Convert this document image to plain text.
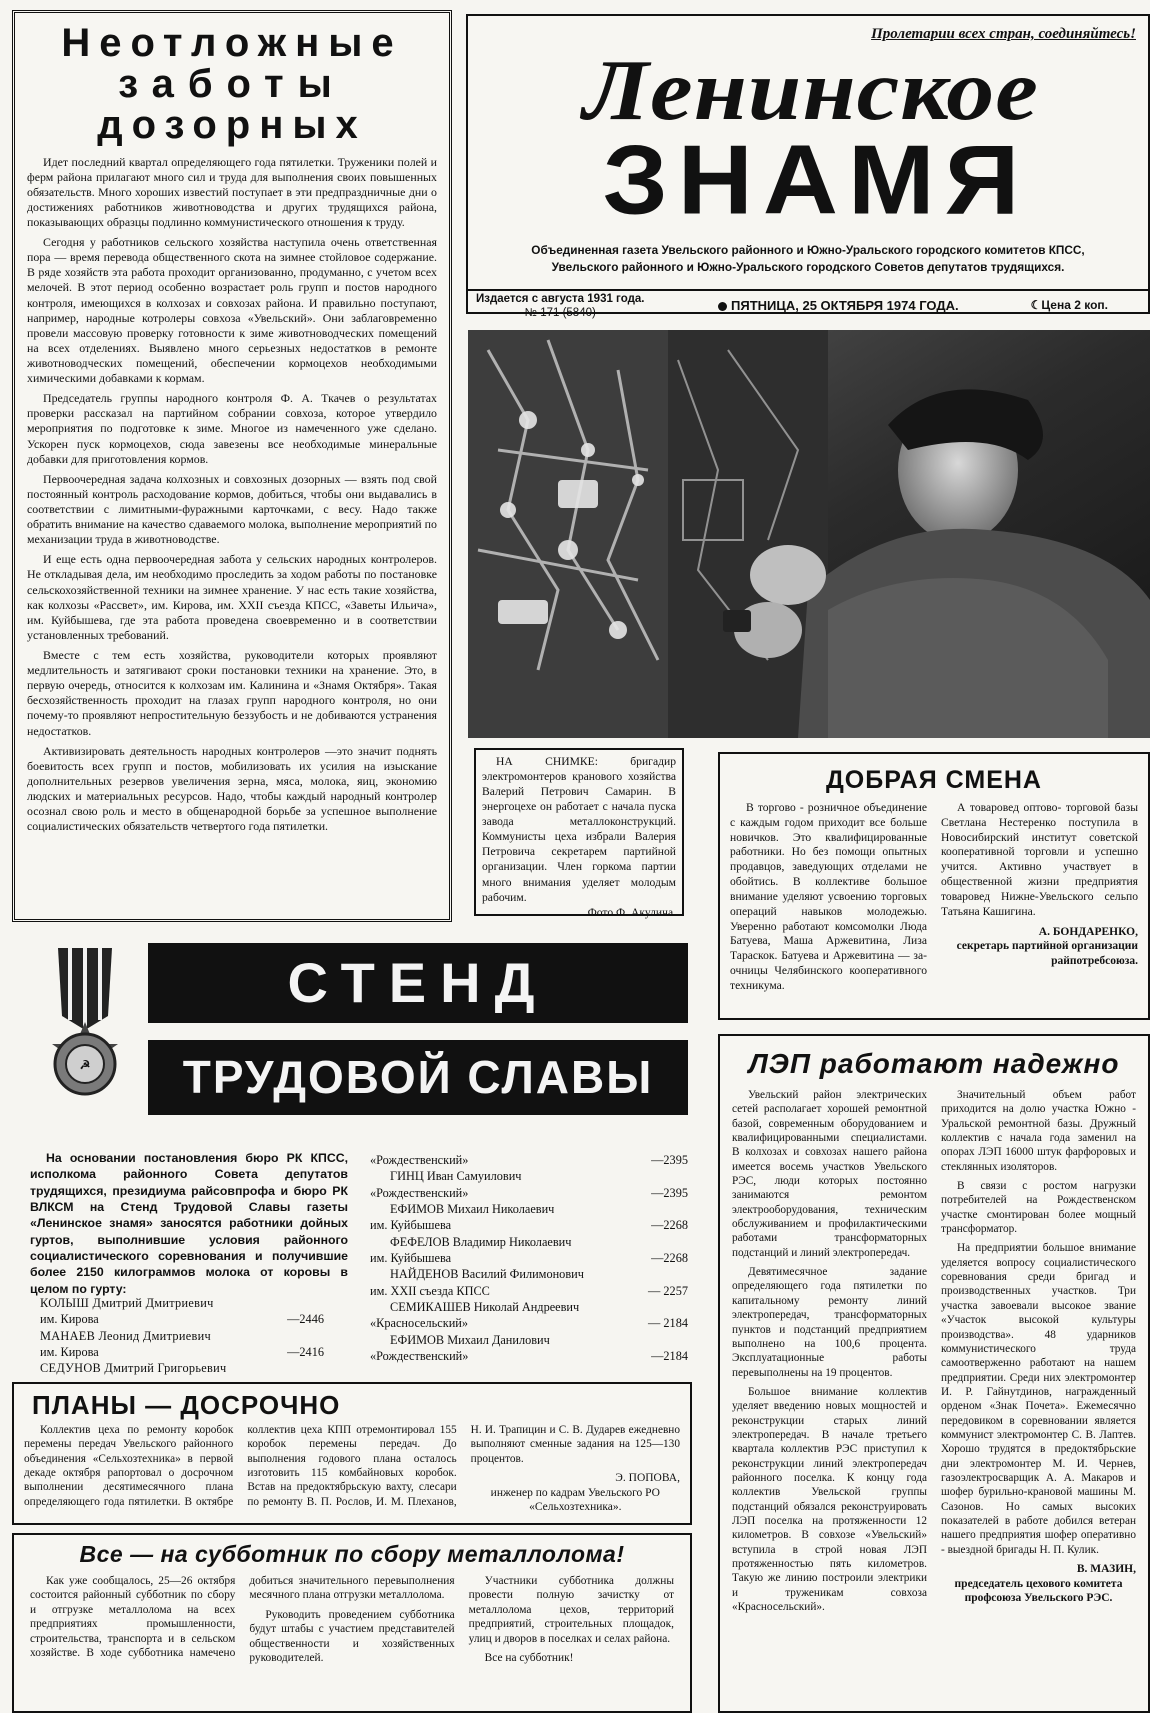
Неотложные
заботы
дозорных

Идет последний квартал определяющего года пятилетки. Труженики полей и ферм района прилагают много сил и труда для выполнения своих повышенных обязательств. Много хороших известий поступает в эти предпраздничные дни о достижениях работников животноводства и других трудящихся района, показывающих образцы подлинно коммунистического отношения к труду.

Сегодня у работников сельского хозяйства наступила очень ответственная пора — время перевода общественного скота на зимнее стойловое содержание. В ряде хозяйств эта работа проходит организованно, продуманно, с учетом всех мелочей. В этот период особенно возрастает роль групп и постов народного контроля, имеющихся в колхозах и совхозах района. И правильно поступают, например, народные котролеры совхоза «Увельский». Они заблаговременно провели массовую проверку готовности к зиме животноводческих помещений на всех отделениях. Выявлено много серьезных недостатков в ремонте животноводческих помещений, обеспечении кормоцехов необходимыми химическими добавками к кормам.

Председатель группы народного контроля Ф. А. Ткачев о результатах проверки рассказал на партийном собрании совхоза, которое утвердило мероприятия по подготовке к зиме. Многое из намеченного уже сделано. Ускорен пуск кормоцехов, сюда завезены все необходимые минеральные добавки для приготовления кормов.

Первоочередная задача колхозных и совхозных дозорных — взять под свой постоянный контроль расходование кормов, добиться, чтобы они выдавались в соответствии с лимитными-фуражными карточками, с весу. Надо также обратить внимание на качество сдаваемого молока, выполнение мероприятий по механизации труда в животноводстве.

И еще есть одна первоочередная забота у сельских народных контролеров. Не откладывая дела, им необходимо проследить за ходом работы по постановке сельскохозяйственной техники на зимнее хранение. У нас есть такие хозяйства, как колхозы «Рассвет», им. Кирова, им. XXII съезда КПСС, «Заветы Ильича», им. Куйбышева, где эта работа проведена своевременно и в соответствии установленных требований.

Вместе с тем есть хозяйства, руководители которых проявляют медлительность и затягивают сроки постановки техники на хранение. Это, в первую очередь, относится к колхозам им. Калинина и «Знамя Октября». Такая бесхозяйственность проходит на глазах групп народного контроля, но они почему-то проявляют непростительную беззубость и не добиваются устранения недостатков.

Активизировать деятельность народных контролеров —это значит поднять боевитость всех групп и постов, мобилизовать их усилия на изыскание дополнительных резервов увеличения зерна, мяса, молока, яиц, экономию людских и материальных ресурсов. Надо, чтобы каждый народный контролер осознал свою роль и место в общенародной борьбе за успешное выполнение социалистических обязательств четвертого года пятилетки.

Пролетарии всех стран, соединяйтесь!
Ленинское
ЗНАМЯ
Объединенная газета Увельского районного и Южно-Уральского городского комитетов КПСС,
Увельского районного и Южно-Уральского городского Советов депутатов трудящихся.
Издается с августа 1931 года.
№ 171 (5840)	ПЯТНИЦА, 25 ОКТЯБРЯ 1974 ГОДА.	☾Цена 2 коп.
НА СНИМКЕ: бригадир электромонтеров кранового хозяйства Валерий Петрович Самарин. В энергоцехе он работает с начала пуска завода металлоконструкций. Коммунисты цеха избрали Валерия Петровича секретарем партийной организации. Член горкома партии много внимания уделяет молодым рабочим.
Фото Ф. Акулича.
ДОБРАЯ СМЕНА

В торгово - розничное объединение с каждым годом приходит все больше новичков. Это квалифицированные работники. Но без помощи опытных продавцов, заведующих отделами не обойтись. В коллективе большое внимание уделяют усвоению торговых операций навыков молодежью. Уверенно работают комсомолки Люда Батуева, Маша Аржевитина, Лиза Тараскок. Батуева и Аржевитина — за-очницы Челябинского кооперативного техникума.

А товаровед оптово- торговой базы Светлана Нестеренко поступила в Новосибирский институт советской кооперативной торговли и успешно учится. Активно участвует в общественной жизни предприятия товаровед Нижне-Увельского сельпо Татьяна Кашигина.

А. БОНДАРЕНКО,

секретарь партийной организации райпотребсоюза.

☭
СТЕНД
ТРУДОВОЙ СЛАВЫ
На основании постановления бюро РК КПСС, исполкома районного Совета депутатов трудящихся, президиума райсовпрофа и бюро РК ВЛКСМ на Стенд Трудовой Славы газеты «Ленинское знамя» заносятся работники дойных гуртов, выполнившие условия районного социалистического соревнования и получившие более 2150 килограммов молока от коровы в целом по гурту:
КОЛЫШ Дмитрий Дмитриевич
им. Кирова	—2446
МАНАЕВ Леонид Дмитриевич
им. Кирова	—2416
СЕДУНОВ Дмитрий Григорьевич
«Рождественский»	—2395
ГИНЦ Иван Самуилович
«Рождественский»	—2395
ЕФИМОВ Михаил Николаевич
им. Куйбышева	—2268
ФЕФЕЛОВ Владимир Николаевич
им. Куйбышева	—2268
НАЙДЕНОВ Василий Филимонович
им. XXII съезда КПСС	— 2257
СЕМИКАШЕВ Николай Андреевич
«Красносельский»	— 2184
ЕФИМОВ Михаил Данилович
«Рождественский»	—2184
ЛЭП работают надежно

Увельский район электрических сетей располагает хорошей ремонтной базой, современным оборудованием и квалифицированными специалистами. В колхозах и совхозах нашего района имеется восемь участков Увельского РЭС, люди которых постоянно занимаются ремонтом электрооборудования, техническим обслуживанием и профилактическими работами трансформаторных подстанций и линий электропередач.

Девятимесячное задание определяющего года пятилетки по капитальному ремонту линий электропередач, трансформаторных пунктов и подстанций предприятием выполнено на 100,6 процента. Эксплуатационные работы перевыполнены на 19 процентов.

Большое внимание коллектив уделяет введению новых мощностей и реконструкции старых линий электропередач. В начале третьего квартала коллектив РЭС приступил к реконструкции линий электропередач районного поселка. К концу года коллектив Увельской группы подстанций обязался реконструировать ЛЭП поселка на протяженности 12 километров. В совхозе «Увельский» вступила в строй новая ЛЭП протяженностью пять километров. Такую же линию построили электрики и труженикам совхоза «Красносельский».

Значительный объем работ приходится на долю участка Южно - Уральской ремонтной базы. Дружный коллектив с начала года заменил на опорах ЛЭП 16000 штук фарфоровых и стеклянных изоляторов.

В связи с ростом нагрузки потребителей на Рождественском участке смонтирован более мощный трансформатор.

На предприятии большое внимание уделяется вопросу социалистического соревнования среди бригад и производственных участков. Три участка завоевали высокое звание «Участок высокой культуры производства». 48 ударников коммунистического труда самоотверженно работают на нашем предприятии. Среди них электромонтер И. Р. Гайнутдинов, награжденный орденом «Знак Почета». Ежемесячно передовиком в соревновании является коммунист электромонтер С. В. Лаптев. Хорошо трудятся в предоктябрьские дни электромонтер М. И. Чернев, газоэлектросварщик А. А. Макаров и шофер бурильно-крановой машины М. Сазонов. Но самых высоких показателей в работе добился ветеран нашего предприятия шофер оперативно - выездной бригады Н. П. Кулик.

В. МАЗИН,

председатель цехового комитета профсоюза Увельского РЭС.

ПЛАНЫ — ДОСРОЧНО

Коллектив цеха по ремонту коробок перемены передач Увельского районного объединения «Сельхозтехника» в первой декаде октября рапортовал о досрочном выполнении десятимесячного плана определяющего года пятилетки. В октябре коллектив цеха КПП отремонтировал 155 коробок перемены передач. До выполнения годового плана осталось изготовить 115 комбайновых коробок. Встав на предоктябрьскую вахту, слесари по ремонту В. П. Рослов, И. М. Плеханов, Н. И. Трапицин и С. В. Дударев ежедневно выполняют сменные задания на 125—130 процентов.

Э. ПОПОВА,

инженер по кадрам Увельского РО «Сельхозтехника».

Все — на субботник по сбору металлолома!

Как уже сообщалось, 25—26 октября состоится районный субботник по сбору и отгрузке металлолома на всех предприятиях промышленности, строительства, транспорта и в сельском хозяйстве. В ходе субботника намечено добиться значительного перевыполнения месячного плана отгрузки металлолома.

Руководить проведением субботника будут штабы с участием представителей общественности и хозяйственных руководителей.

Участники субботника должны провести полную зачистку от металлолома цехов, территорий предприятий, строительных площадок, улиц и дворов в поселках и селах района.

Все на субботник!
